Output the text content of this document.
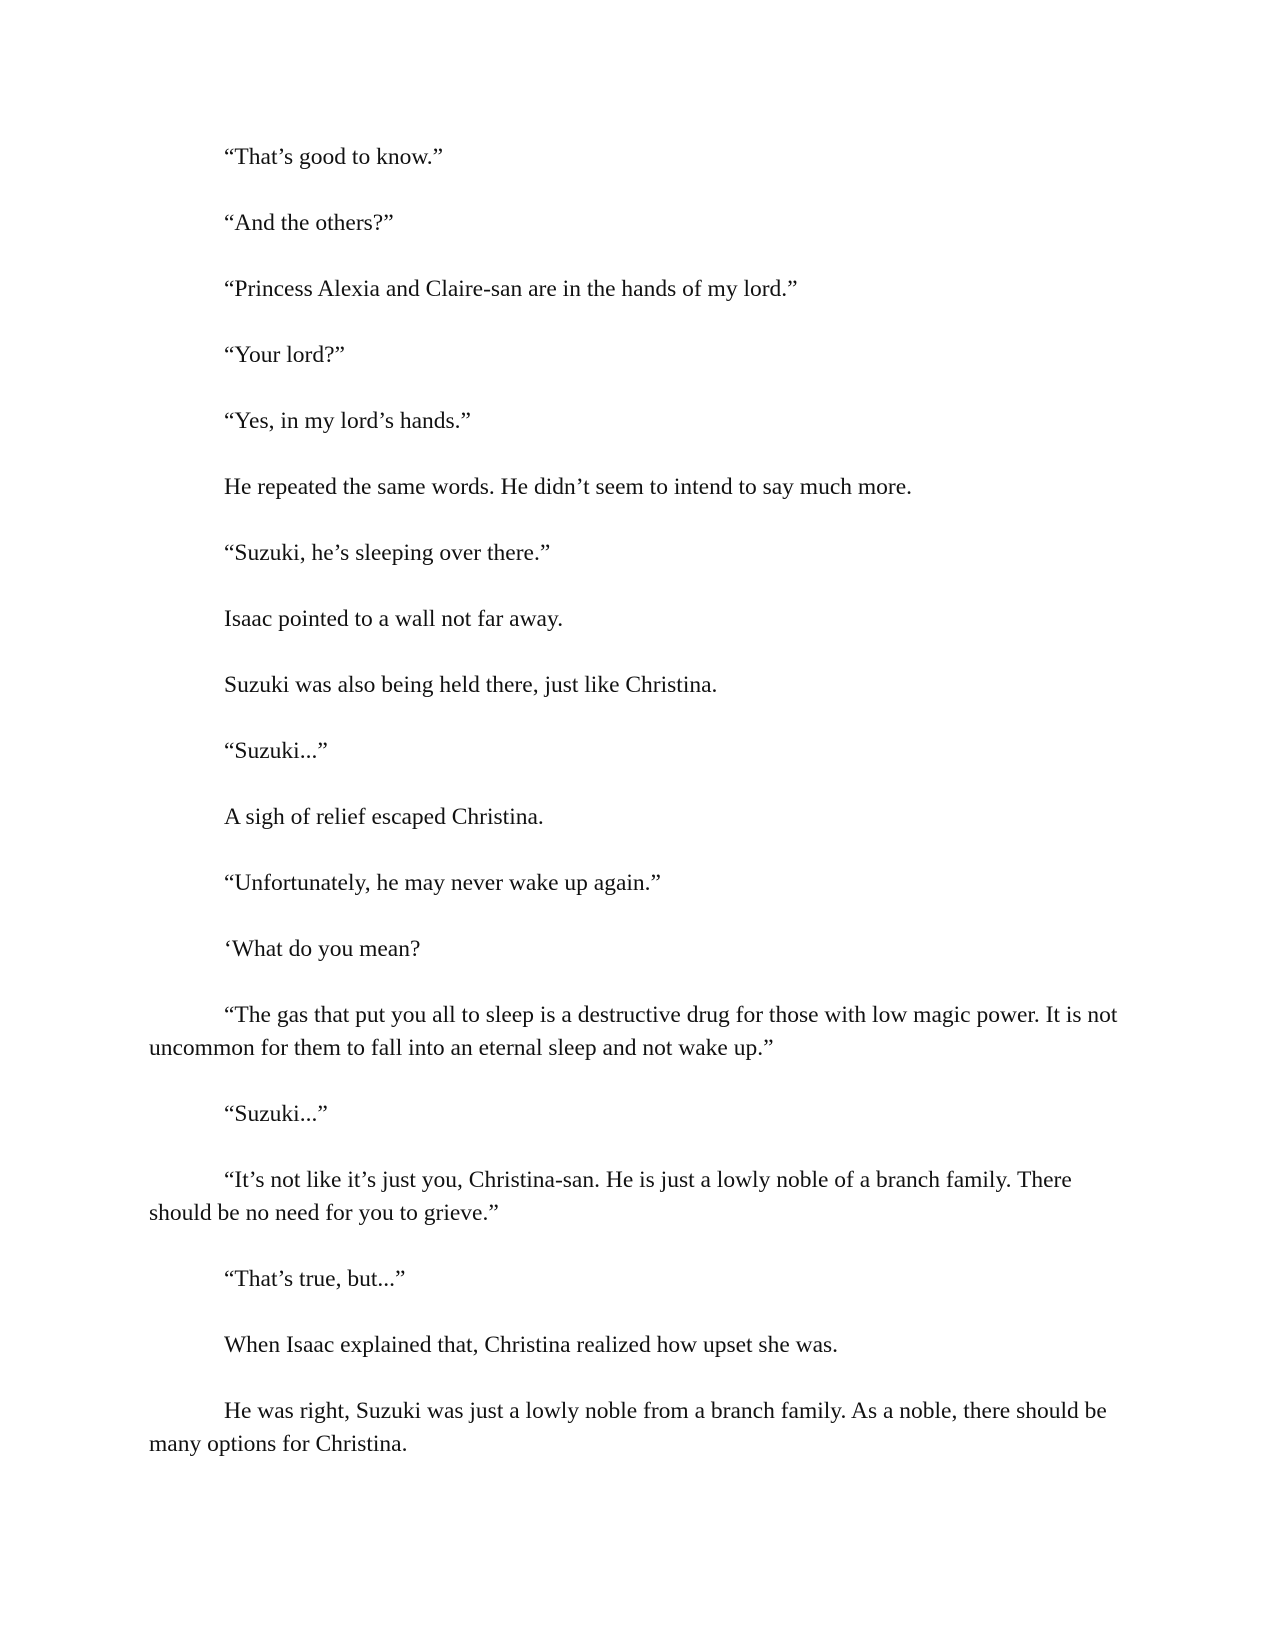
“That’s good to know.”

“And the others?”

“Princess Alexia and Claire-san are in the hands of my lord.”

“Your lord?”

“Yes, in my lord’s hands.”

He repeated the same words. He didn’t seem to intend to say much more.

“Suzuki, he’s sleeping over there.”

Isaac pointed to a wall not far away.

Suzuki was also being held there, just like Christina.

“Suzuki...”

A sigh of relief escaped Christina.

“Unfortunately, he may never wake up again.”

‘What do you mean?

“The gas that put you all to sleep is a destructive drug for those with low magic power. It is not uncommon for them to fall into an eternal sleep and not wake up.”

“Suzuki...”

“It’s not like it’s just you, Christina-san. He is just a lowly noble of a branch family. There should be no need for you to grieve.”

“That’s true, but...”

When Isaac explained that, Christina realized how upset she was.

He was right, Suzuki was just a lowly noble from a branch family. As a noble, there should be many options for Christina.
